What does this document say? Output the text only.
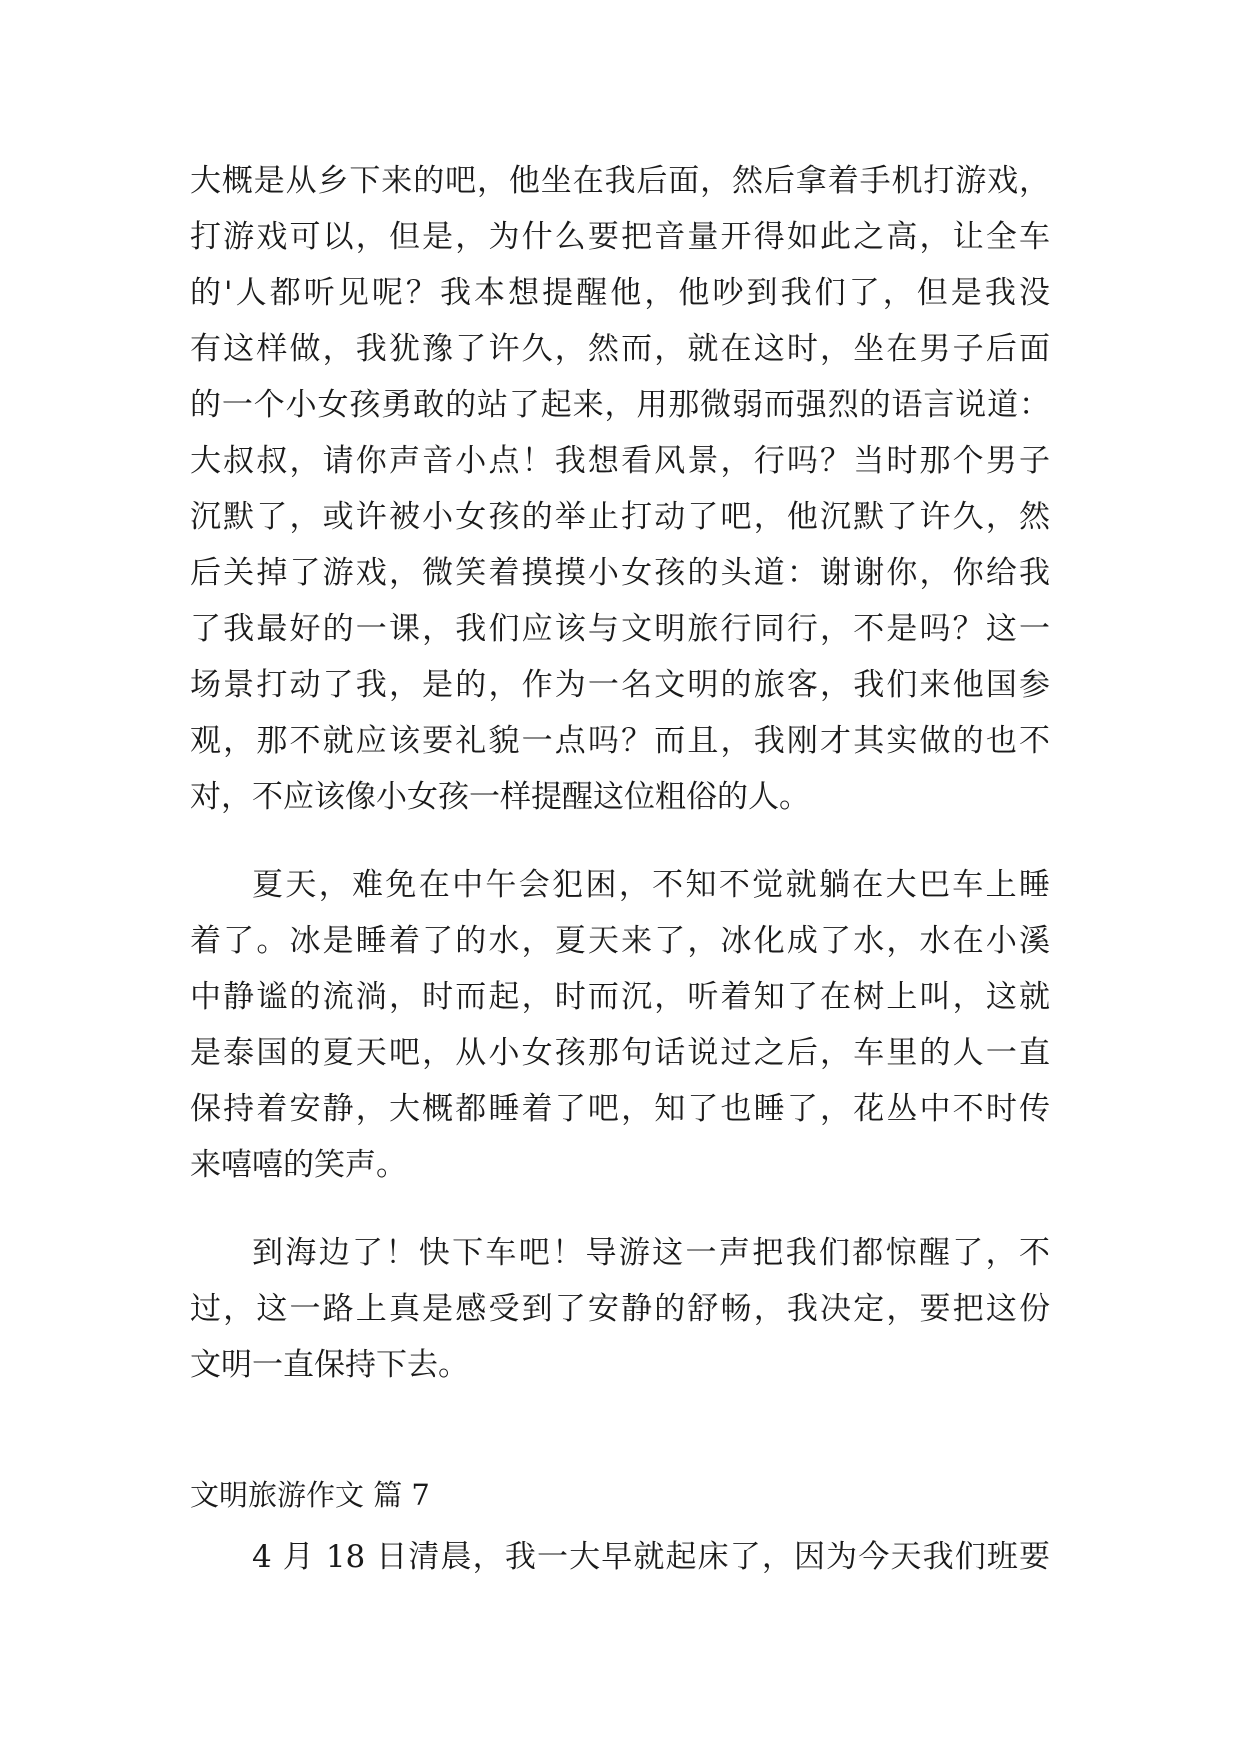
大概是从乡下来的吧，他坐在我后面，然后拿着手机打游戏，
打游戏可以，但是，为什么要把音量开得如此之高，让全车
的'人都听见呢？我本想提醒他，他吵到我们了，但是我没
有这样做，我犹豫了许久，然而，就在这时，坐在男子后面
的一个小女孩勇敢的站了起来，用那微弱而强烈的语言说道：
大叔叔，请你声音小点！我想看风景，行吗？当时那个男子
沉默了，或许被小女孩的举止打动了吧，他沉默了许久，然
后关掉了游戏，微笑着摸摸小女孩的头道：谢谢你，你给我
了我最好的一课，我们应该与文明旅行同行，不是吗？这一
场景打动了我，是的，作为一名文明的旅客，我们来他国参
观，那不就应该要礼貌一点吗？而且，我刚才其实做的也不
对，不应该像小女孩一样提醒这位粗俗的人。
夏天，难免在中午会犯困，不知不觉就躺在大巴车上睡
着了。冰是睡着了的水，夏天来了，冰化成了水，水在小溪
中静谧的流淌，时而起，时而沉，听着知了在树上叫，这就
是泰国的夏天吧，从小女孩那句话说过之后，车里的人一直
保持着安静，大概都睡着了吧，知了也睡了，花丛中不时传
来嘻嘻的笑声。
到海边了！快下车吧！导游这一声把我们都惊醒了，不
过，这一路上真是感受到了安静的舒畅，我决定，要把这份
文明一直保持下去。
文明旅游作文 篇 7
4 月 18 日清晨，我一大早就起床了，因为今天我们班要
